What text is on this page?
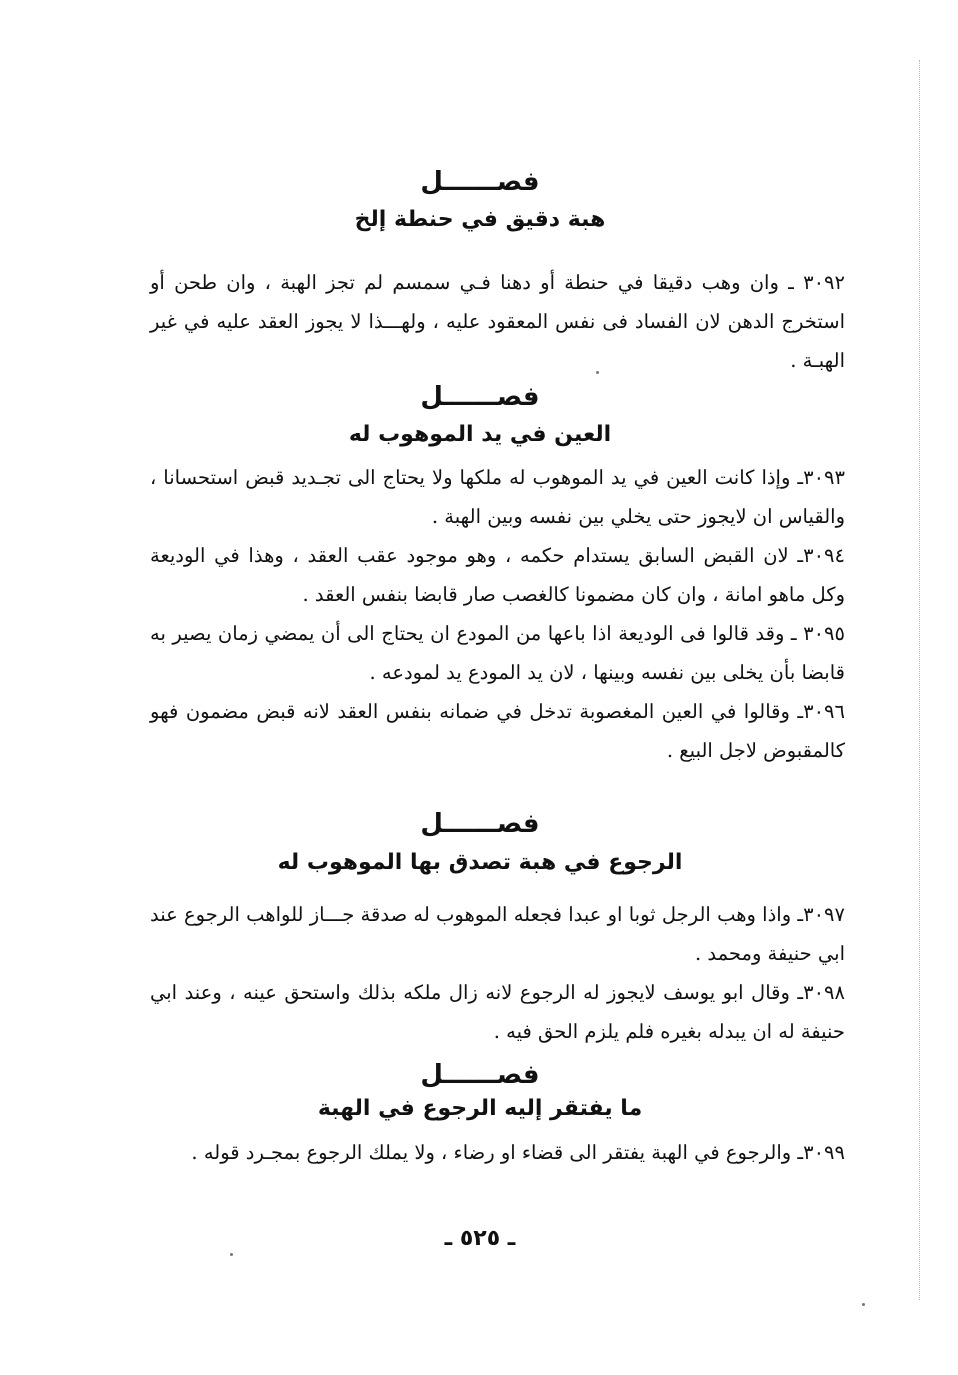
فصــــــل
هبة دقيق في حنطة إلخ

٣٠٩٢ ـ وان وهب دقيقا في حنطة أو دهنا فـي سمسم لم تجز الهبة ، وان طحن أو استخرج الدهن لان الفساد فى نفس المعقود عليه ، ولهـــذا لا يجوز العقد عليه في غير الهبـة .

فصــــــل
العين في يد الموهوب له

٣٠٩٣ـ وإذا كانت العين في يد الموهوب له ملكها ولا يحتاج الى تجـديد قبض استحسانا ، والقياس ان لايجوز حتى يخلي بين نفسه وبين الهبة .

٣٠٩٤ـ لان القبض السابق يستدام حكمه ، وهو موجود عقب العقد ، وهذا في الوديعة وكل ماهو امانة ، وان كان مضمونا كالغصب صار قابضا بنفس العقد .

٣٠٩٥ ـ وقد قالوا فى الوديعة اذا باعها من المودع ان يحتاج الى أن يمضي زمان يصير به قابضا بأن يخلى بين نفسه وبينها ، لان يد المودع يد لمودعه .

٣٠٩٦ـ وقالوا في العين المغصوبة تدخل في ضمانه بنفس العقد لانه قبض مضمون فهو كالمقبوض لاجل البيع .

فصــــــل
الرجوع في هبة تصدق بها الموهوب له

٣٠٩٧ـ واذا وهب الرجل ثوبا او عبدا فجعله الموهوب له صدقة جـــاز للواهب الرجوع عند ابي حنيفة ومحمد .

٣٠٩٨ـ وقال ابو يوسف لايجوز له الرجوع لانه زال ملكه بذلك واستحق عينه ، وعند ابي حنيفة له ان يبدله بغيره فلم يلزم الحق فيه .

فصــــــل
ما يفتقر إليه الرجوع في الهبة

٣٠٩٩ـ والرجوع في الهبة يفتقر الى قضاء او رضاء ، ولا يملك الرجوع بمجـرد قوله .

ـ ٥٢٥ ـ
